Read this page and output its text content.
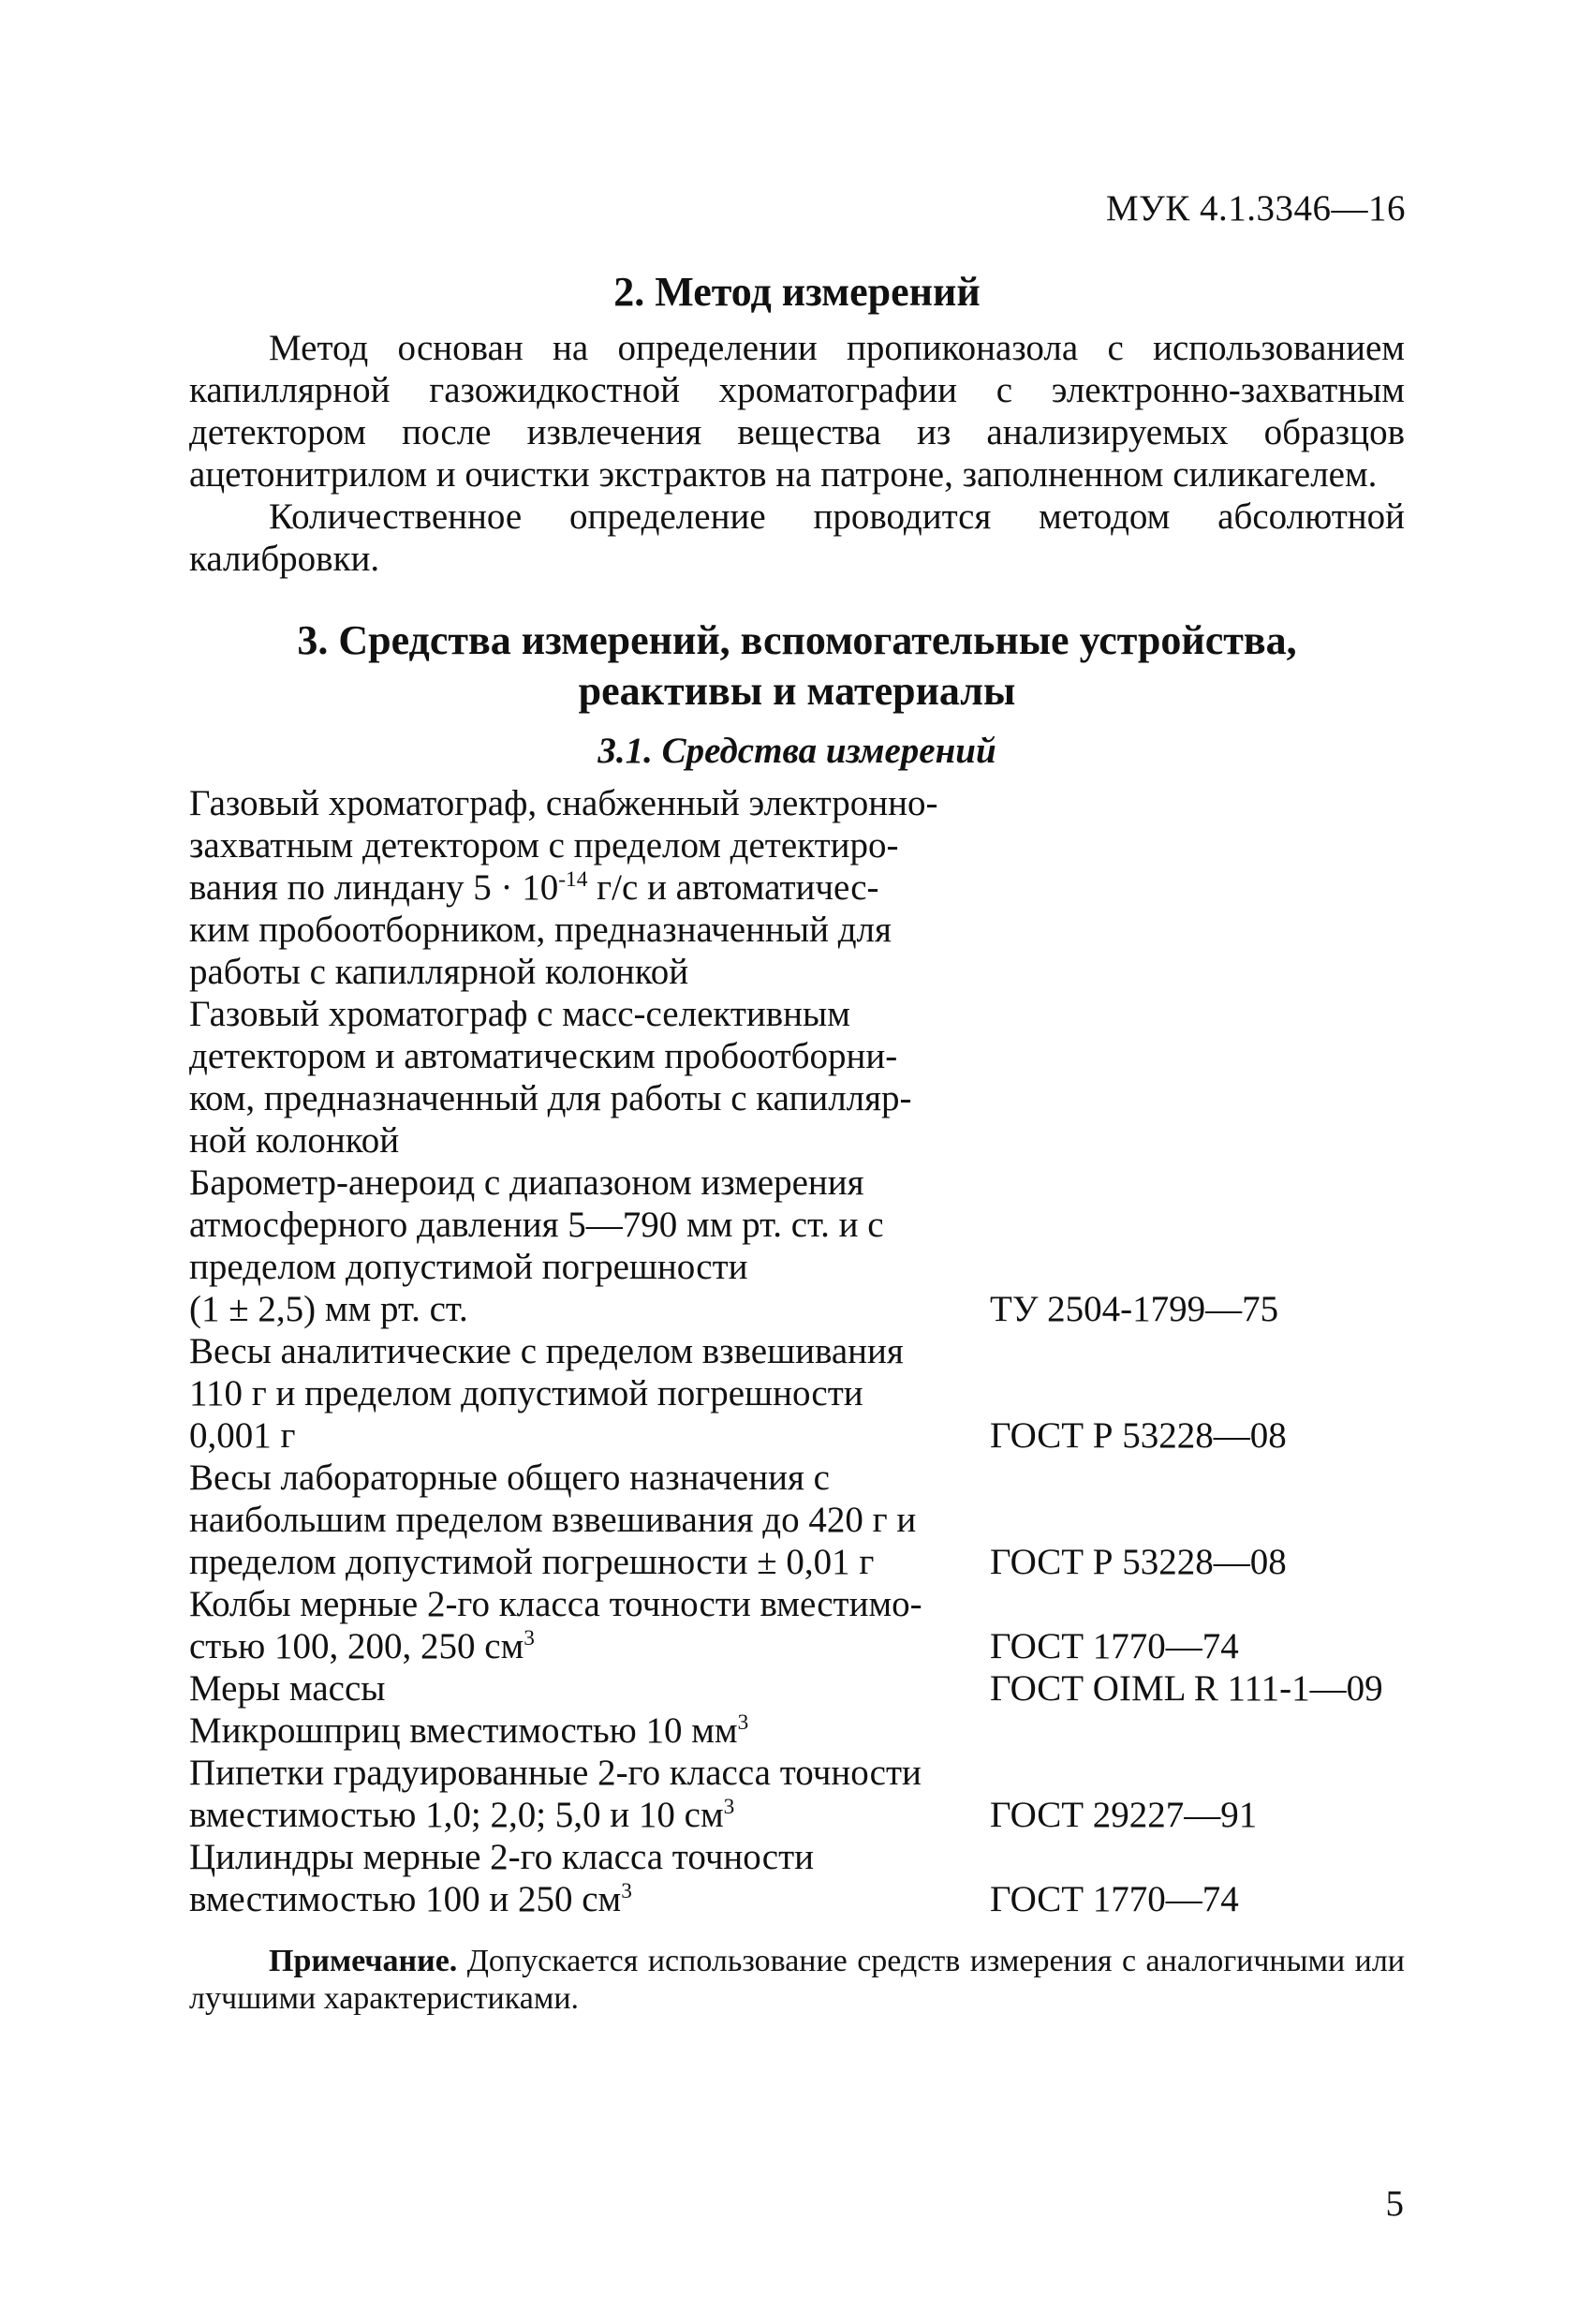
МУК 4.1.3346—16
2. Метод измерений

Метод основан на определении пропиконазола с использованием капиллярной газожидкостной хроматографии с электронно-захватным детектором после извлечения вещества из анализируемых образцов ацетонитрилом и очистки экстрактов на патроне, заполненном силикагелем.

Количественное определение проводится методом абсолютной калибровки.

3. Средства измерений, вспомогательные устройства,
реактивы и материалы
3.1. Средства измерений
Газовый хроматограф, снабженный электронно-
захватным детектором с пределом детектиро-
вания по линдану $5 \cdot 10^{-14}$ г/с и автоматичес-
ким пробоотборником, предназначенный для
работы с капиллярной колонкой
Газовый хроматограф с масс-селективным
детектором и автоматическим пробоотборни-
ком, предназначенный для работы с капилляр-
ной колонкой
Барометр-анероид с диапазоном измерения
атмосферного давления 5—790 мм рт. ст. и с
пределом допустимой погрешности
(1 ± 2,5) мм рт. ст.	ТУ 2504-1799—75
Весы аналитические с пределом взвешивания
110 г и пределом допустимой погрешности
0,001 г	ГОСТ Р 53228—08
Весы лабораторные общего назначения с
наибольшим пределом взвешивания до 420 г и
пределом допустимой погрешности ± 0,01 г	ГОСТ Р 53228—08
Колбы мерные 2-го класса точности вместимо-
стью 100, 200, 250 $см^3$	ГОСТ 1770—74
Меры массы	ГОСТ OIML R 111-1—09
Микрошприц вместимостью 10 $мм^3$
Пипетки градуированные 2-го класса точности
вместимостью 1,0; 2,0; 5,0 и 10 $см^3$	ГОСТ 29227—91
Цилиндры мерные 2-го класса точности
вместимостью 100 и 250 $см^3$	ГОСТ 1770—74

Примечание. Допускается использование средств измерения с аналогичными или лучшими характеристиками.

5
